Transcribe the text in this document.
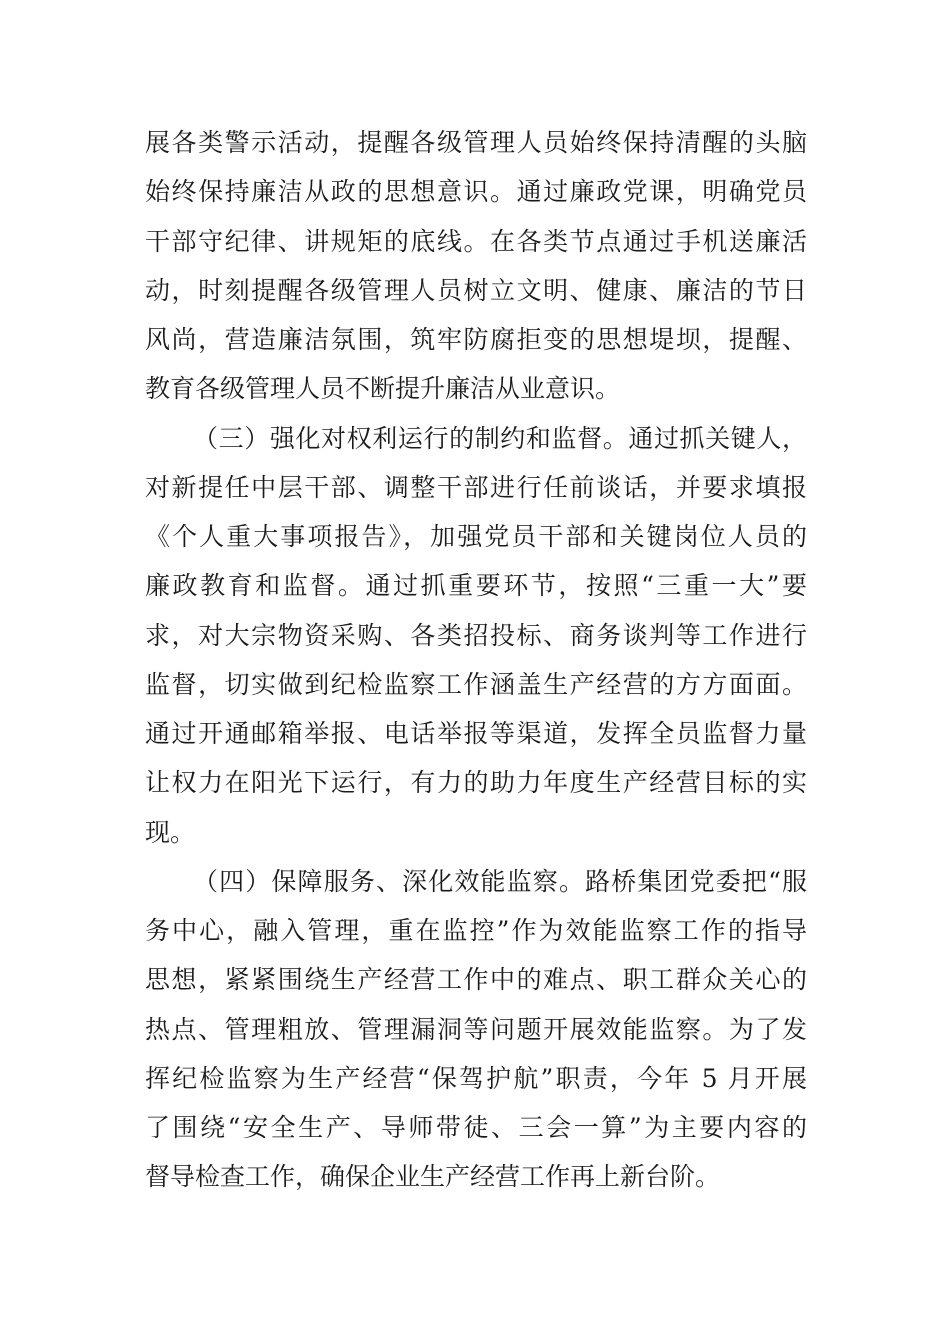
展各类警示活动，提醒各级管理人员始终保持清醒的头脑
始终保持廉洁从政的思想意识。通过廉政党课，明确党员
干部守纪律、讲规矩的底线。在各类节点通过手机送廉活
动，时刻提醒各级管理人员树立文明、健康、廉洁的节日
风尚，营造廉洁氛围，筑牢防腐拒变的思想堤坝，提醒、
教育各级管理人员不断提升廉洁从业意识。
（三）强化对权利运行的制约和监督。通过抓关键人，
对新提任中层干部、调整干部进行任前谈话，并要求填报
《个人重大事项报告》，加强党员干部和关键岗位人员的
廉政教育和监督。通过抓重要环节，按照“三重一大”要
求，对大宗物资采购、各类招投标、商务谈判等工作进行
监督，切实做到纪检监察工作涵盖生产经营的方方面面。
通过开通邮箱举报、电话举报等渠道，发挥全员监督力量
让权力在阳光下运行，有力的助力年度生产经营目标的实
现。
（四）保障服务、深化效能监察。路桥集团党委把“服
务中心，融入管理，重在监控”作为效能监察工作的指导
思想，紧紧围绕生产经营工作中的难点、职工群众关心的
热点、管理粗放、管理漏洞等问题开展效能监察。为了发
挥纪检监察为生产经营“保驾护航”职责，今年 5 月开展
了围绕“安全生产、导师带徒、三会一算”为主要内容的
督导检查工作，确保企业生产经营工作再上新台阶。
